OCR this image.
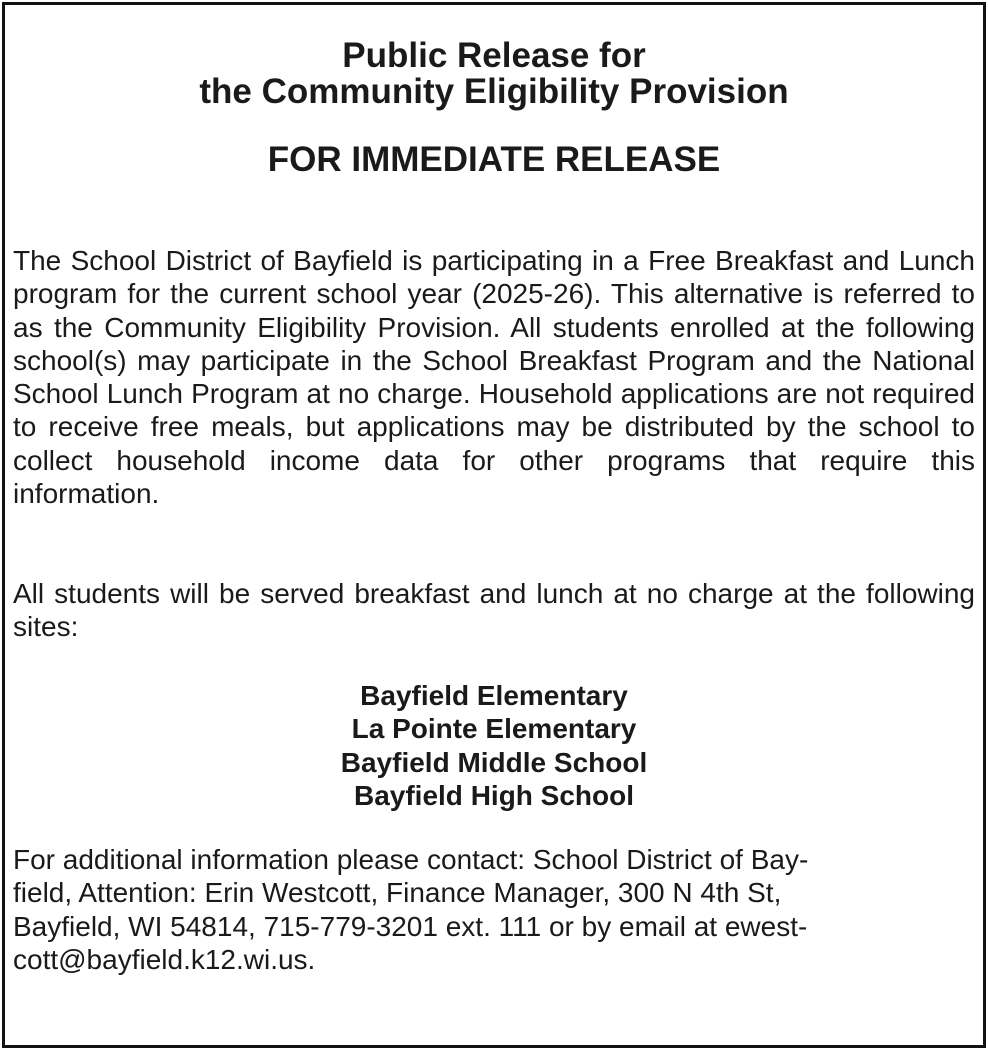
Public Release for
the Community Eligibility Provision
FOR IMMEDIATE RELEASE
The School District of Bayfield is participating in a Free Breakfast and Lunch program for the current school year (2025-26). This alternative is referred to as the Community Eligibility Provision. All students enrolled at the following school(s) may participate in the School Breakfast Program and the National School Lunch Program at no charge. Household applications are not required to receive free meals, but applications may be distributed by the school to collect household income data for other programs that require this information.
All students will be served breakfast and lunch at no charge at the following sites:
Bayfield Elementary
La Pointe Elementary
Bayfield Middle School
Bayfield High School
For additional information please contact: School District of Bay-
field, Attention: Erin Westcott, Finance Manager, 300 N 4th St,
Bayfield, WI 54814, 715-779-3201 ext. 111 or by email at ewest-
cott@bayfield.k12.wi.us.
